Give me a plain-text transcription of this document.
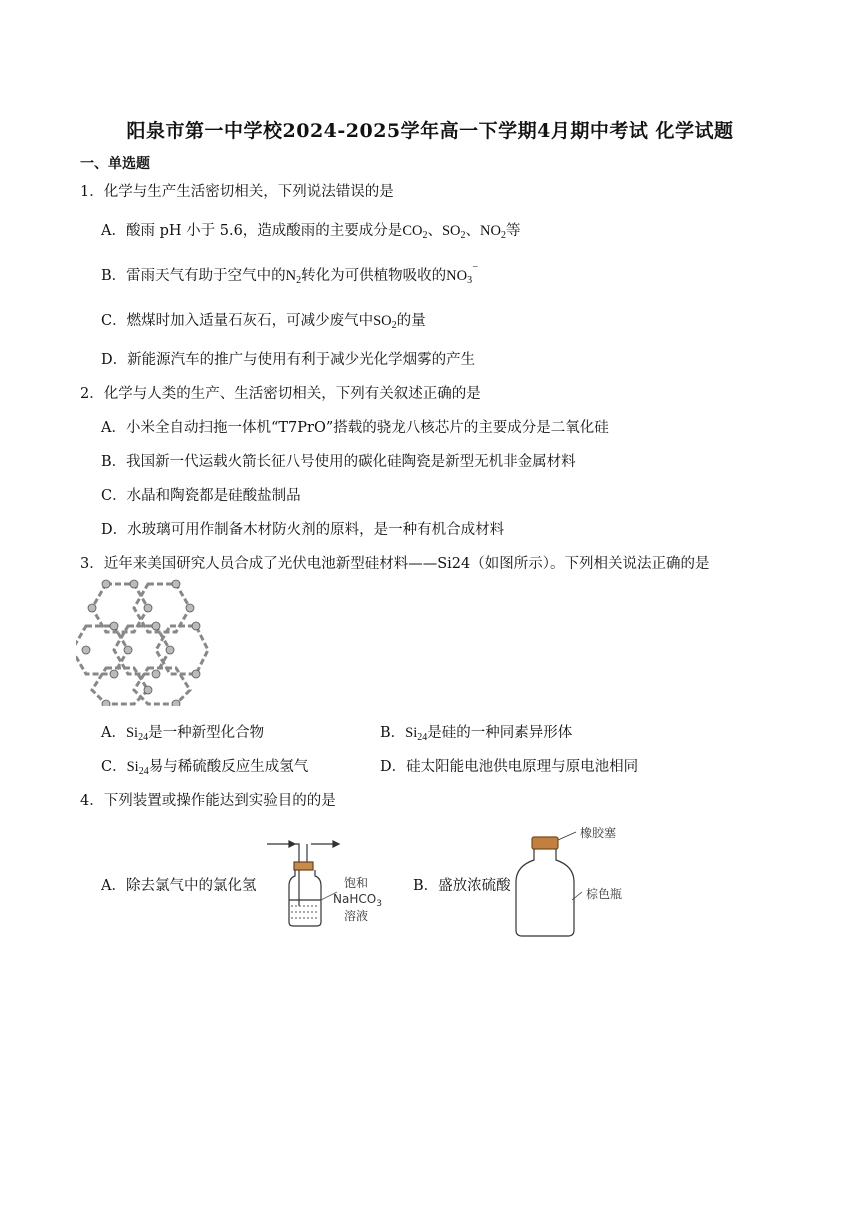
阳泉市第一中学校2024-2025学年高一下学期4月期中考试 化学试题
一、单选题
1．化学与生产生活密切相关，下列说法错误的是
A．酸雨 pH 小于 5.6，造成酸雨的主要成分是$CO_2$、$SO_2$、$NO_2$等
B．雷雨天气有助于空气中的$N_2$转化为可供植物吸收的NO
−
$_3$
C．燃煤时加入适量石灰石，可减少废气中$SO_2$的量
D．新能源汽车的推广与使用有利于减少光化学烟雾的产生
2．化学与人类的生产、生活密切相关，下列有关叙述正确的是
A．小米全自动扫拖一体机“T7PrO”搭载的骁龙八核芯片的主要成分是二氧化硅
B．我国新一代运载火箭长征八号使用的碳化硅陶瓷是新型无机非金属材料
C．水晶和陶瓷都是硅酸盐制品
D．水玻璃可用作制备木材防火剂的原料，是一种有机合成材料
3．近年来美国研究人员合成了光伏电池新型硅材料——Si24（如图所示）。下列相关说法正确的是
A．$Si_{24}$是一种新型化合物	B．$Si_{24}$是硅的一种同素异形体
C．$Si_{24}$易与稀硫酸反应生成氢气	D．硅太阳能电池供电原理与原电池相同
4．下列装置或操作能达到实验目的的是
A．除去氯气中的氯化氢	饱和
NaHCO$_3$
溶液
B．盛放浓硫酸
橡胶塞
棕色瓶
